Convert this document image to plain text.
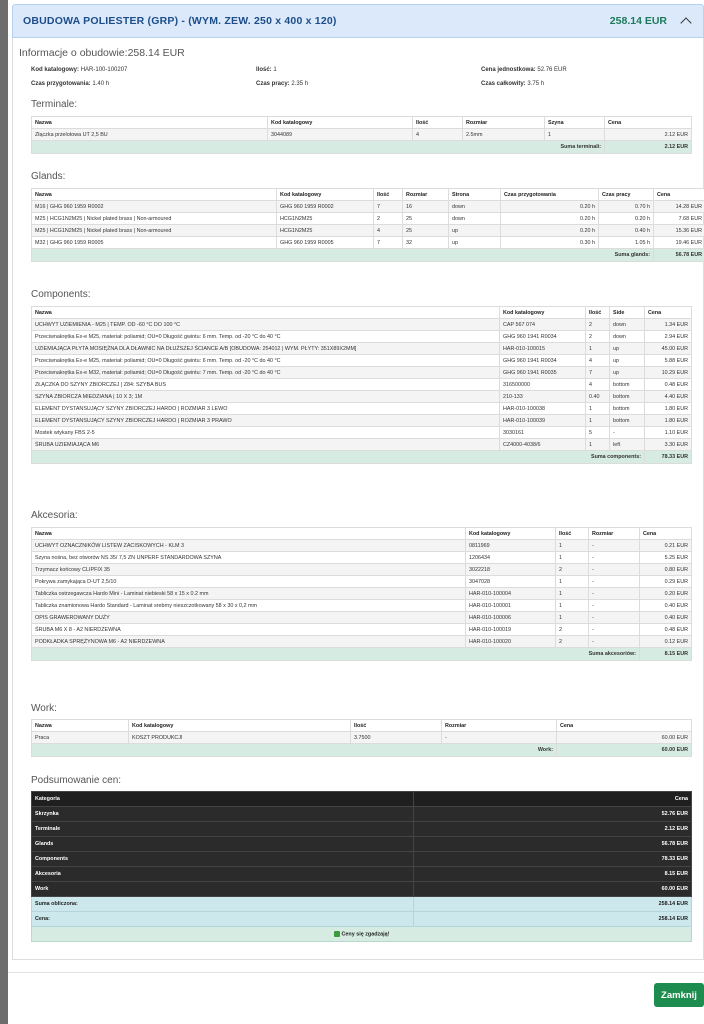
OBUDOWA POLIESTER (GRP) - (WYM. ZEW. 250 x 400 x 120)	258.14 EUR
Informacje o obudowie:258.14 EUR
Kod katalogowy: HAR-100-100207	Ilość: 1	Cena jednostkowa: 52.76 EUR
Czas przygotowania: 1.40 h	Czas pracy: 2.35 h	Czas całkowity: 3.75 h
Terminale:
Nazwa	Kod katalogowy	Ilość	Rozmiar	Szyna	Cena
Złączka przelotowa UT 2,5 BU	3044089	4	2.5mm	1	2.12 EUR
Suma terminali:					2.12 EUR
Glands:
Nazwa	Kod katalogowy	Ilość	Rozmiar	Strona	Czas przygotowania	Czas pracy	Cena
M16 | GHG 960 1959 R0002	GHG 960 1959 R0002	7	16	down	0.20 h	0.70 h	14.28 EUR
M25 | HCG1N2M25 | Nickel plated brass | Non-armoured	HCG1N2M25	2	25	down	0.20 h	0.20 h	7.68 EUR
M25 | HCG1N2M25 | Nickel plated brass | Non-armoured	HCG1N2M25	4	25	up	0.20 h	0.40 h	15.36 EUR
M32 | GHG 960 1959 R0005	GHG 960 1959 R0005	7	32	up	0.30 h	1.05 h	19.46 EUR
Suma glands:							56.78 EUR
Components:
Nazwa	Kod katalogowy	Ilość	Side	Cena
UCHWYT UZIEMIENIA - M25 | TEMP. OD -60 °C DO 100 °C	CAP 567 074	2	down	1.34 EUR
Przeciwnakrętka Ex-e M25, materiał: poliamid; OU=0 Długość gwintu: 6 mm. Temp. od -20 °C do 40 °C	GHG 960 1941 R0034	2	down	2.94 EUR
UZIEMIAJĄCA PŁYTA MOSIĘŻNA DLA DŁAWNIC NA DŁUŻSZEJ ŚCIANCE A/B [OBUDOWA: 254012 | WYM. PŁYTY: 351X89X2MM]	HAR-010-100015	1	up	45.00 EUR
Przeciwnakrętka Ex-e M25, materiał: poliamid; OU=0 Długość gwintu: 6 mm. Temp. od -20 °C do 40 °C	GHG 960 1941 R0034	4	up	5.88 EUR
Przeciwnakrętka Ex-e M32, materiał: poliamid; OU=0 Długość gwintu: 7 mm. Temp. od -20 °C do 40 °C	GHG 960 1941 R0035	7	up	10.29 EUR
ZŁĄCZKA DO SZYNY ZBIORCZEJ | Z84: SZYBA BUS	316500000	4	bottom	0.48 EUR
SZYNA ZBIORCZA MIEDZIANA | 10 X 3; 1M	210-133	0.40	bottom	4.40 EUR
ELEMENT DYSTANSUJĄCY SZYNY ZBIORCZEJ HARDO | ROZMIAR 3 LEWO	HAR-010-100038	1	bottom	1.80 EUR
ELEMENT DYSTANSUJĄCY SZYNY ZBIORCZEJ HARDO | ROZMIAR 3 PRAWO	HAR-010-100039	1	bottom	1.80 EUR
Mostek wtykany FBS 2-5	3030161	5	-	1.10 EUR
ŚRUBA UZIEMIAJĄCA M6	CZ4000-4038/6	1	left	3.30 EUR
Suma components:				78.33 EUR
Akcesoria:
Nazwa	Kod katalogowy	Ilość	Rozmiar	Cena
UCHWYT OZNACZNIKÓW LISTEW ZACISKOWYCH - KLM 3	0811969	1	-	0.21 EUR
Szyna nośna, bez otworów NS 35/ 7,5 ZN UNPERF STANDARDOWA SZYNA	1206434	1	-	5.25 EUR
Trzymacz końcowy CLIPFIX 35	3022218	2	-	0.80 EUR
Pokrywa zamykająca D-UT 2,5/10	3047028	1	-	0.29 EUR
Tabliczka ostrzegawcza Hardo Mini - Laminat niebieski 58 x 15 x 0.2 mm	HAR-010-100004	1	-	0.20 EUR
Tabliczka znamionowa Hardo Standard - Laminat srebrny nieszczotkowany 58 x 30 x 0,2 mm	HAR-010-100001	1	-	0.40 EUR
OPIS GRAWEROWANY DUŻY	HAR-010-100006	1	-	0.40 EUR
ŚRUBA M6 X 8 - A2 NIERDZEWNA	HAR-010-100019	2	-	0.48 EUR
PODKŁADKA SPRĘŻYNOWA M6 - A2 NIERDZEWNA	HAR-010-100020	2	-	0.12 EUR
Suma akcesoriów:				8.15 EUR
Work:
Nazwa	Kod katalogowy	Ilość	Rozmiar	Cena
Praca	KOSZT PRODUKCJI	3.7500	-	60.00 EUR
Work:				60.00 EUR
Podsumowanie cen:
Kategoria	Cena
Skrzynka	52.76 EUR
Terminale	2.12 EUR
Glands	56.78 EUR
Components	78.33 EUR
Akcesoria	8.15 EUR
Work	60.00 EUR
Suma obliczona:	258.14 EUR
Cena:	258.14 EUR
Ceny się zgadzają!	
Zamknij
